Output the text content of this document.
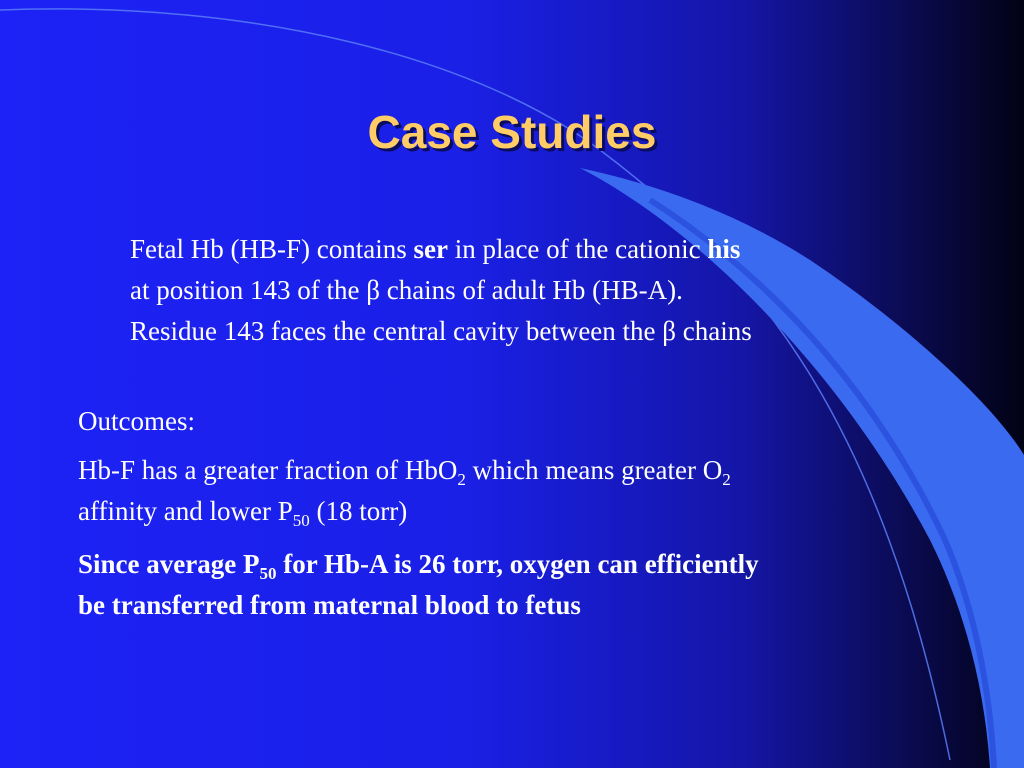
Case Studies
Fetal Hb (HB-F) contains ser in place of the cationic his
at position 143 of the β chains of adult Hb (HB-A).
Residue 143 faces the central cavity between the β chains

Outcomes:

Hb-F has a greater fraction of HbO$_2$ which means greater $O_2$
affinity and lower $P_{50}$ (18 torr)

Since average $P_{50}$ for Hb-A is 26 torr, oxygen can efficiently
be transferred from maternal blood to fetus
